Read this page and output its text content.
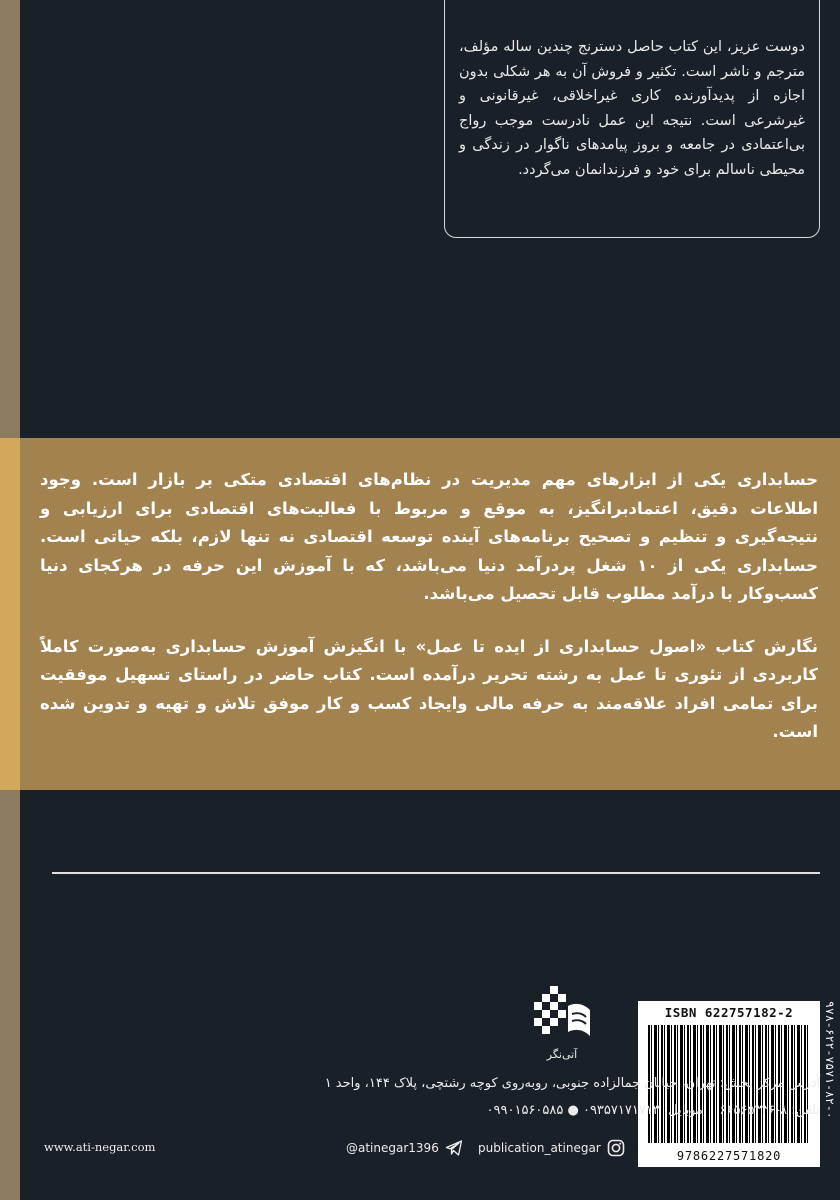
دوست عزیز، این کتاب حاصل دسترنج چندین ساله مؤلف، مترجم و ناشر است. تکثیر و فروش آن به هر شکلی بدون اجازه از پدیدآورنده کاری غیراخلاقی، غیرقانونی و غیرشرعی است. نتیجه این عمل نادرست موجب رواج بی‌اعتمادی در جامعه و بروز پیامدهای ناگوار در زندگی و محیطی ناسالم برای خود و فرزندانمان می‌گردد.

حسابداری یکی از ابزارهای مهم مدیریت در نظام‌های اقتصادی متکی بر بازار است. وجود اطلاعات دقیق، اعتمادبرانگیز، به موقع و مربوط با فعالیت‌های اقتصادی برای ارزیابی و نتیجه‌گیری و تنظیم و تصحیح برنامه‌های آینده توسعه اقتصادی نه تنها لازم، بلکه حیاتی است. حسابداری یکی از ۱۰ شغل پردرآمد دنیا می‌باشد، که با آموزش این حرفه در هرکجای دنیا کسب‌وکار با درآمد مطلوب قابل تحصیل می‌باشد.

نگارش کتاب «اصول حسابداری از ایده تا عمل» با انگیزش آموزش حسابداری به‌صورت کاملاً کاربردی از تئوری تا عمل به رشته تحریر درآمده است. کتاب حاضر در راستای تسهیل موفقیت برای تمامی افراد علاقه‌مند به حرفه مالی وایجاد کسب و کار موفق تلاش و تهیه و تدوین شده است.

آتی‌نگر
ISBN 622757182-2
9786227571820
۹۷۸-۶۲۲-۷۵۷۱-۸۲-۰
آدرس مرکز پخش: تهران، خیابان جمالزاده جنوبی، روبه‌روی کوچه رشتچی، پلاک ۱۴۴، واحد ۱
تلفن: ۸-۶۶۵۶۵۳۳۶    موبایل: ۰۹۳۵۷۱۷۱۷۱۳ ● ۰۹۹۰۱۵۶۰۵۸۵
publication_atinegar
@atinegar1396
www.ati-negar.com
